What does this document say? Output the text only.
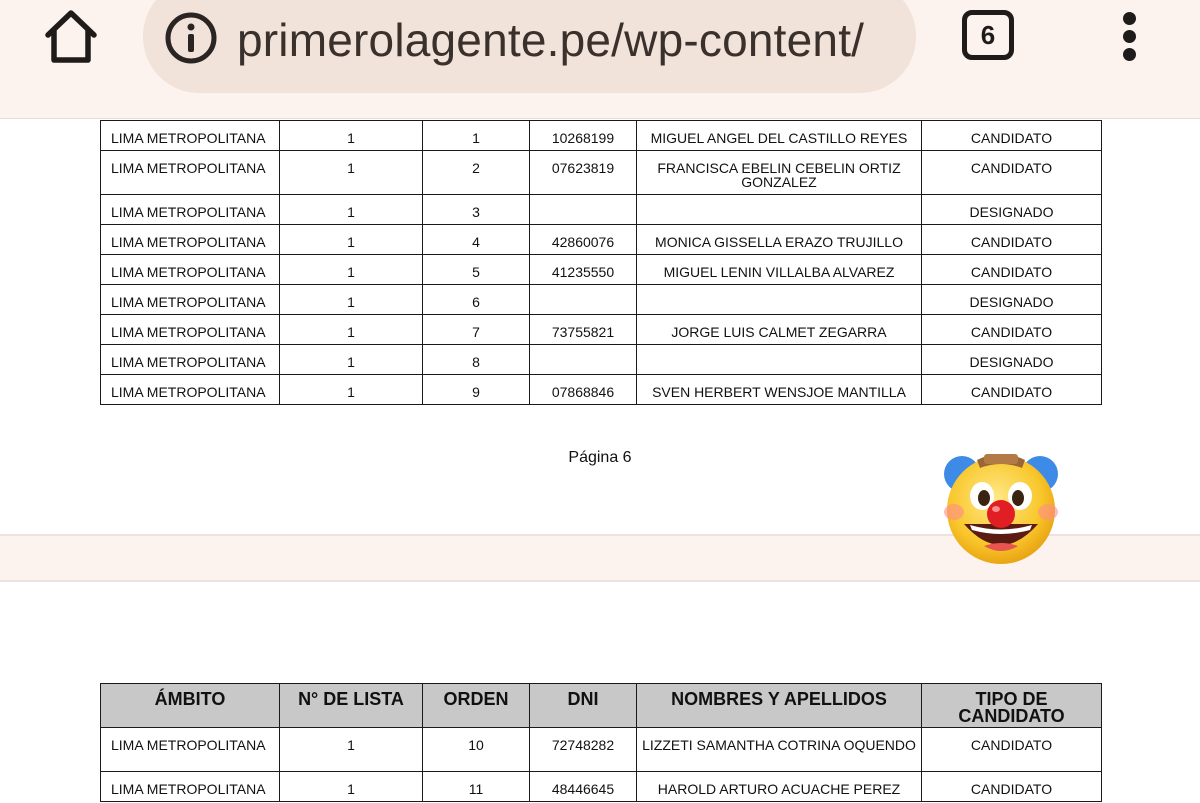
primerolagente.pe/wp-content/	6
LIMA METROPOLITANA	1	1	10268199	MIGUEL ANGEL DEL CASTILLO REYES	CANDIDATO
LIMA METROPOLITANA	1	2	07623819	FRANCISCA EBELIN CEBELIN ORTIZ GONZALEZ	CANDIDATO
LIMA METROPOLITANA	1	3			DESIGNADO
LIMA METROPOLITANA	1	4	42860076	MONICA GISSELLA ERAZO TRUJILLO	CANDIDATO
LIMA METROPOLITANA	1	5	41235550	MIGUEL LENIN VILLALBA ALVAREZ	CANDIDATO
LIMA METROPOLITANA	1	6			DESIGNADO
LIMA METROPOLITANA	1	7	73755821	JORGE LUIS CALMET ZEGARRA	CANDIDATO
LIMA METROPOLITANA	1	8			DESIGNADO
LIMA METROPOLITANA	1	9	07868846	SVEN HERBERT WENSJOE MANTILLA	CANDIDATO
Página 6
ÁMBITO	N° DE LISTA	ORDEN	DNI	NOMBRES Y APELLIDOS	TIPO DE CANDIDATO
LIMA METROPOLITANA	1	10	72748282	LIZZETI SAMANTHA COTRINA OQUENDO	CANDIDATO
LIMA METROPOLITANA	1	11	48446645	HAROLD ARTURO ACUACHE PEREZ	CANDIDATO
